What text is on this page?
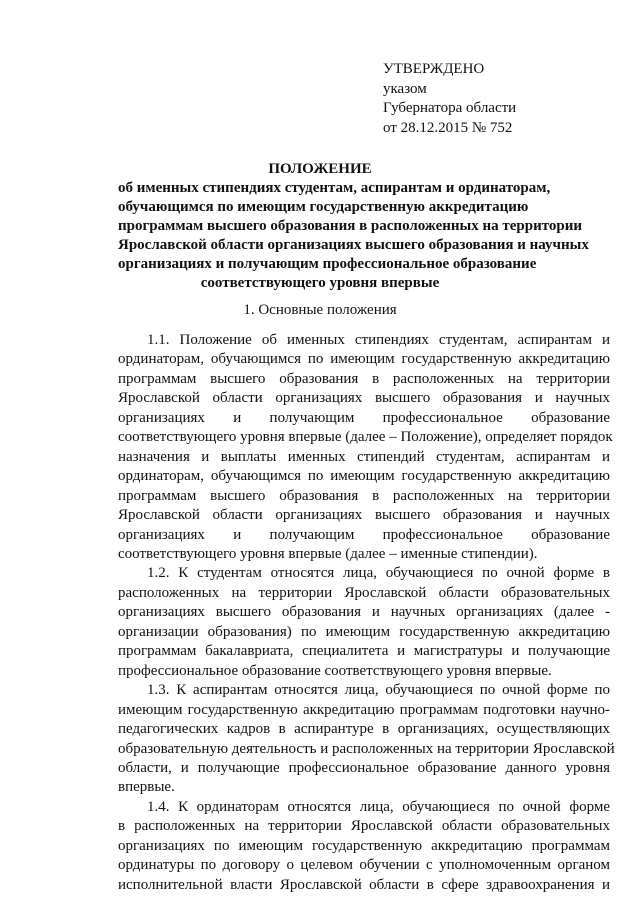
УТВЕРЖДЕНО
указом
Губернатора области
от 28.12.2015 № 752
ПОЛОЖЕНИЕ
об именных стипендиях студентам, аспирантам и ординаторам,
обучающимся по имеющим государственную аккредитацию
программам высшего образования в расположенных на территории
Ярославской области организациях высшего образования и научных
организациях и получающим профессиональное образование
соответствующего уровня впервые
1. Основные положения

1.1. Положение об именных стипендиях студентам, аспирантам и
ординаторам, обучающимся по имеющим государственную аккредитацию
программам высшего образования в расположенных на территории
Ярославской области организациях высшего образования и научных
организациях и получающим профессиональное образование
соответствующего уровня впервые (далее – Положение), определяет порядок
назначения и выплаты именных стипендий студентам, аспирантам и
ординаторам, обучающимся по имеющим государственную аккредитацию
программам высшего образования в расположенных на территории
Ярославской области организациях высшего образования и научных
организациях и получающим профессиональное образование
соответствующего уровня впервые (далее – именные стипендии).

1.2. К студентам относятся лица, обучающиеся по очной форме в
расположенных на территории Ярославской области образовательных
организациях высшего образования и научных организациях (далее -
организации образования) по имеющим государственную аккредитацию
программам бакалавриата, специалитета и магистратуры и получающие
профессиональное образование соответствующего уровня впервые.

1.3. К аспирантам относятся лица, обучающиеся по очной форме по
имеющим государственную аккредитацию программам подготовки научно-
педагогических кадров в аспирантуре в организациях, осуществляющих
образовательную деятельность и расположенных на территории Ярославской
области, и получающие профессиональное образование данного уровня
впервые.

1.4. К ординаторам относятся лица, обучающиеся по очной форме
в расположенных на территории Ярославской области образовательных
организациях по имеющим государственную аккредитацию программам
ординатуры по договору о целевом обучении с уполномоченным органом
исполнительной власти Ярославской области в сфере здравоохранения и
